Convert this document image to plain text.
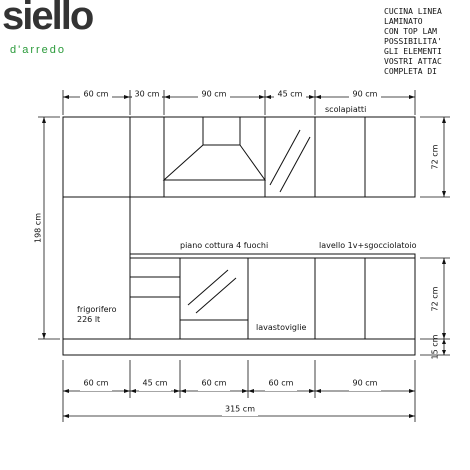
siello
d'arredo
CUCINA LINEA
LAMINATO
CON TOP LAM
POSSIBILITA'
GLI ELEMENTI
VOSTRI ATTAC
COMPLETA DI
60 cm	30 cm	90 cm	45 cm	90 cm
60 cm	45 cm	60 cm	60 cm	90 cm
315 cm
198 cm
72 cm
72 cm
15 cm
scolapiatti
piano cottura 4 fuochi	lavello 1v+sgocciolatoio
frigorifero
226 lt
lavastoviglie
